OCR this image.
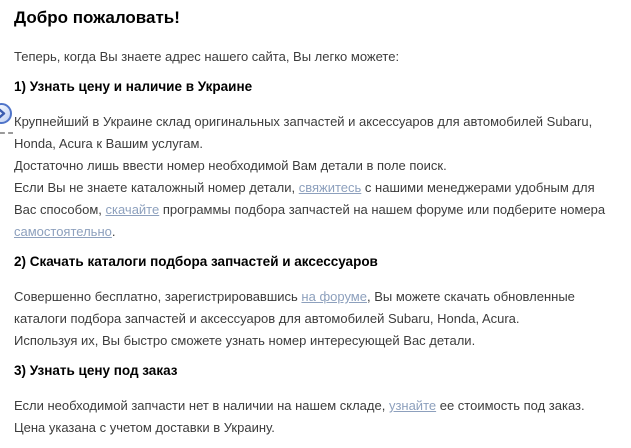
Добро пожаловать!

Теперь, когда Вы знаете адрес нашего сайта, Вы легко можете:

1) Узнать цену и наличие в Украине

Крупнейший в Украине склад оригинальных запчастей и аксессуаров для автомобилей Subaru, Honda, Acura к Вашим услугам.
Достаточно лишь ввести номер необходимой Вам детали в поле поиск.
Если Вы не знаете каталожный номер детали, свяжитесь с нашими менеджерами удобным для Вас способом, скачайте программы подбора запчастей на нашем форуме или подберите номера самостоятельно.

2) Скачать каталоги подбора запчастей и аксессуаров

Совершенно бесплатно, зарегистрировавшись на форуме, Вы можете скачать обновленные каталоги подбора запчастей и аксессуаров для автомобилей Subaru, Honda, Acura.
Используя их, Вы быстро сможете узнать номер интересующей Вас детали.

3) Узнать цену под заказ

Если необходимой запчасти нет в наличии на нашем складе, узнайте ее стоимость под заказ. Цена указана с учетом доставки в Украину.
